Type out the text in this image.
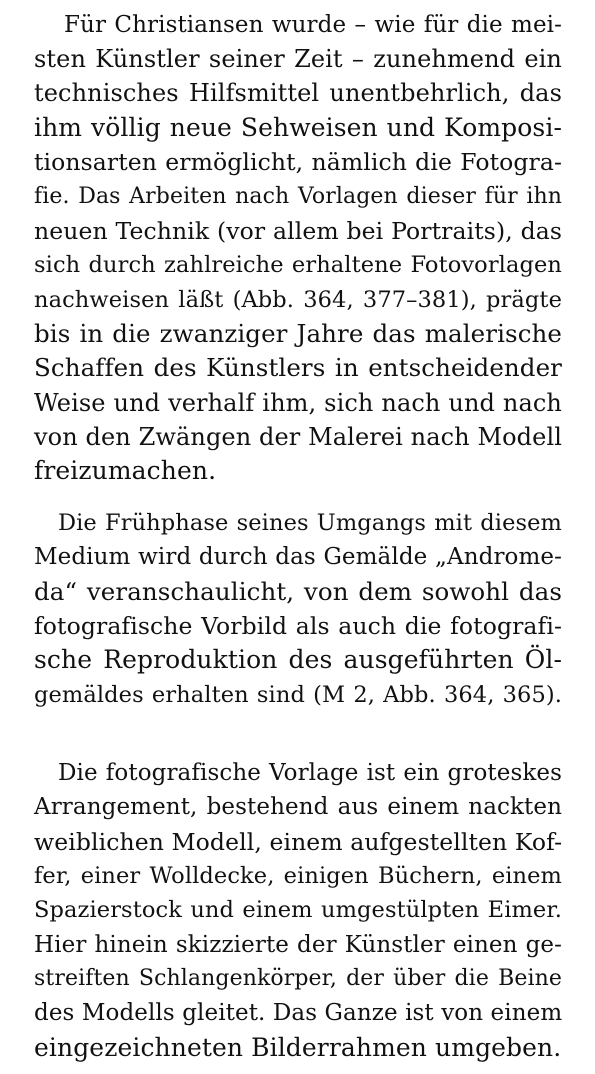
Für Christiansen wurde – wie für die mei-
sten Künstler seiner Zeit – zunehmend ein
technisches Hilfsmittel unentbehrlich, das
ihm völlig neue Sehweisen und Komposi-
tionsarten ermöglicht, nämlich die Fotogra-
fie. Das Arbeiten nach Vorlagen dieser für ihn
neuen Technik (vor allem bei Portraits), das
sich durch zahlreiche erhaltene Fotovorlagen
nachweisen läßt (Abb. 364, 377–381), prägte
bis in die zwanziger Jahre das malerische
Schaffen des Künstlers in entscheidender
Weise und verhalf ihm, sich nach und nach
von den Zwängen der Malerei nach Modell
freizumachen.
Die Frühphase seines Umgangs mit diesem
Medium wird durch das Gemälde „Androme-
da“ veranschaulicht, von dem sowohl das
fotografische Vorbild als auch die fotografi-
sche Reproduktion des ausgeführten Öl-
gemäldes erhalten sind (M 2, Abb. 364, 365).
Die fotografische Vorlage ist ein groteskes
Arrangement, bestehend aus einem nackten
weiblichen Modell, einem aufgestellten Kof-
fer, einer Wolldecke, einigen Büchern, einem
Spazierstock und einem umgestülpten Eimer.
Hier hinein skizzierte der Künstler einen ge-
streiften Schlangenkörper, der über die Beine
des Modells gleitet. Das Ganze ist von einem
eingezeichneten Bilderrahmen umgeben.
